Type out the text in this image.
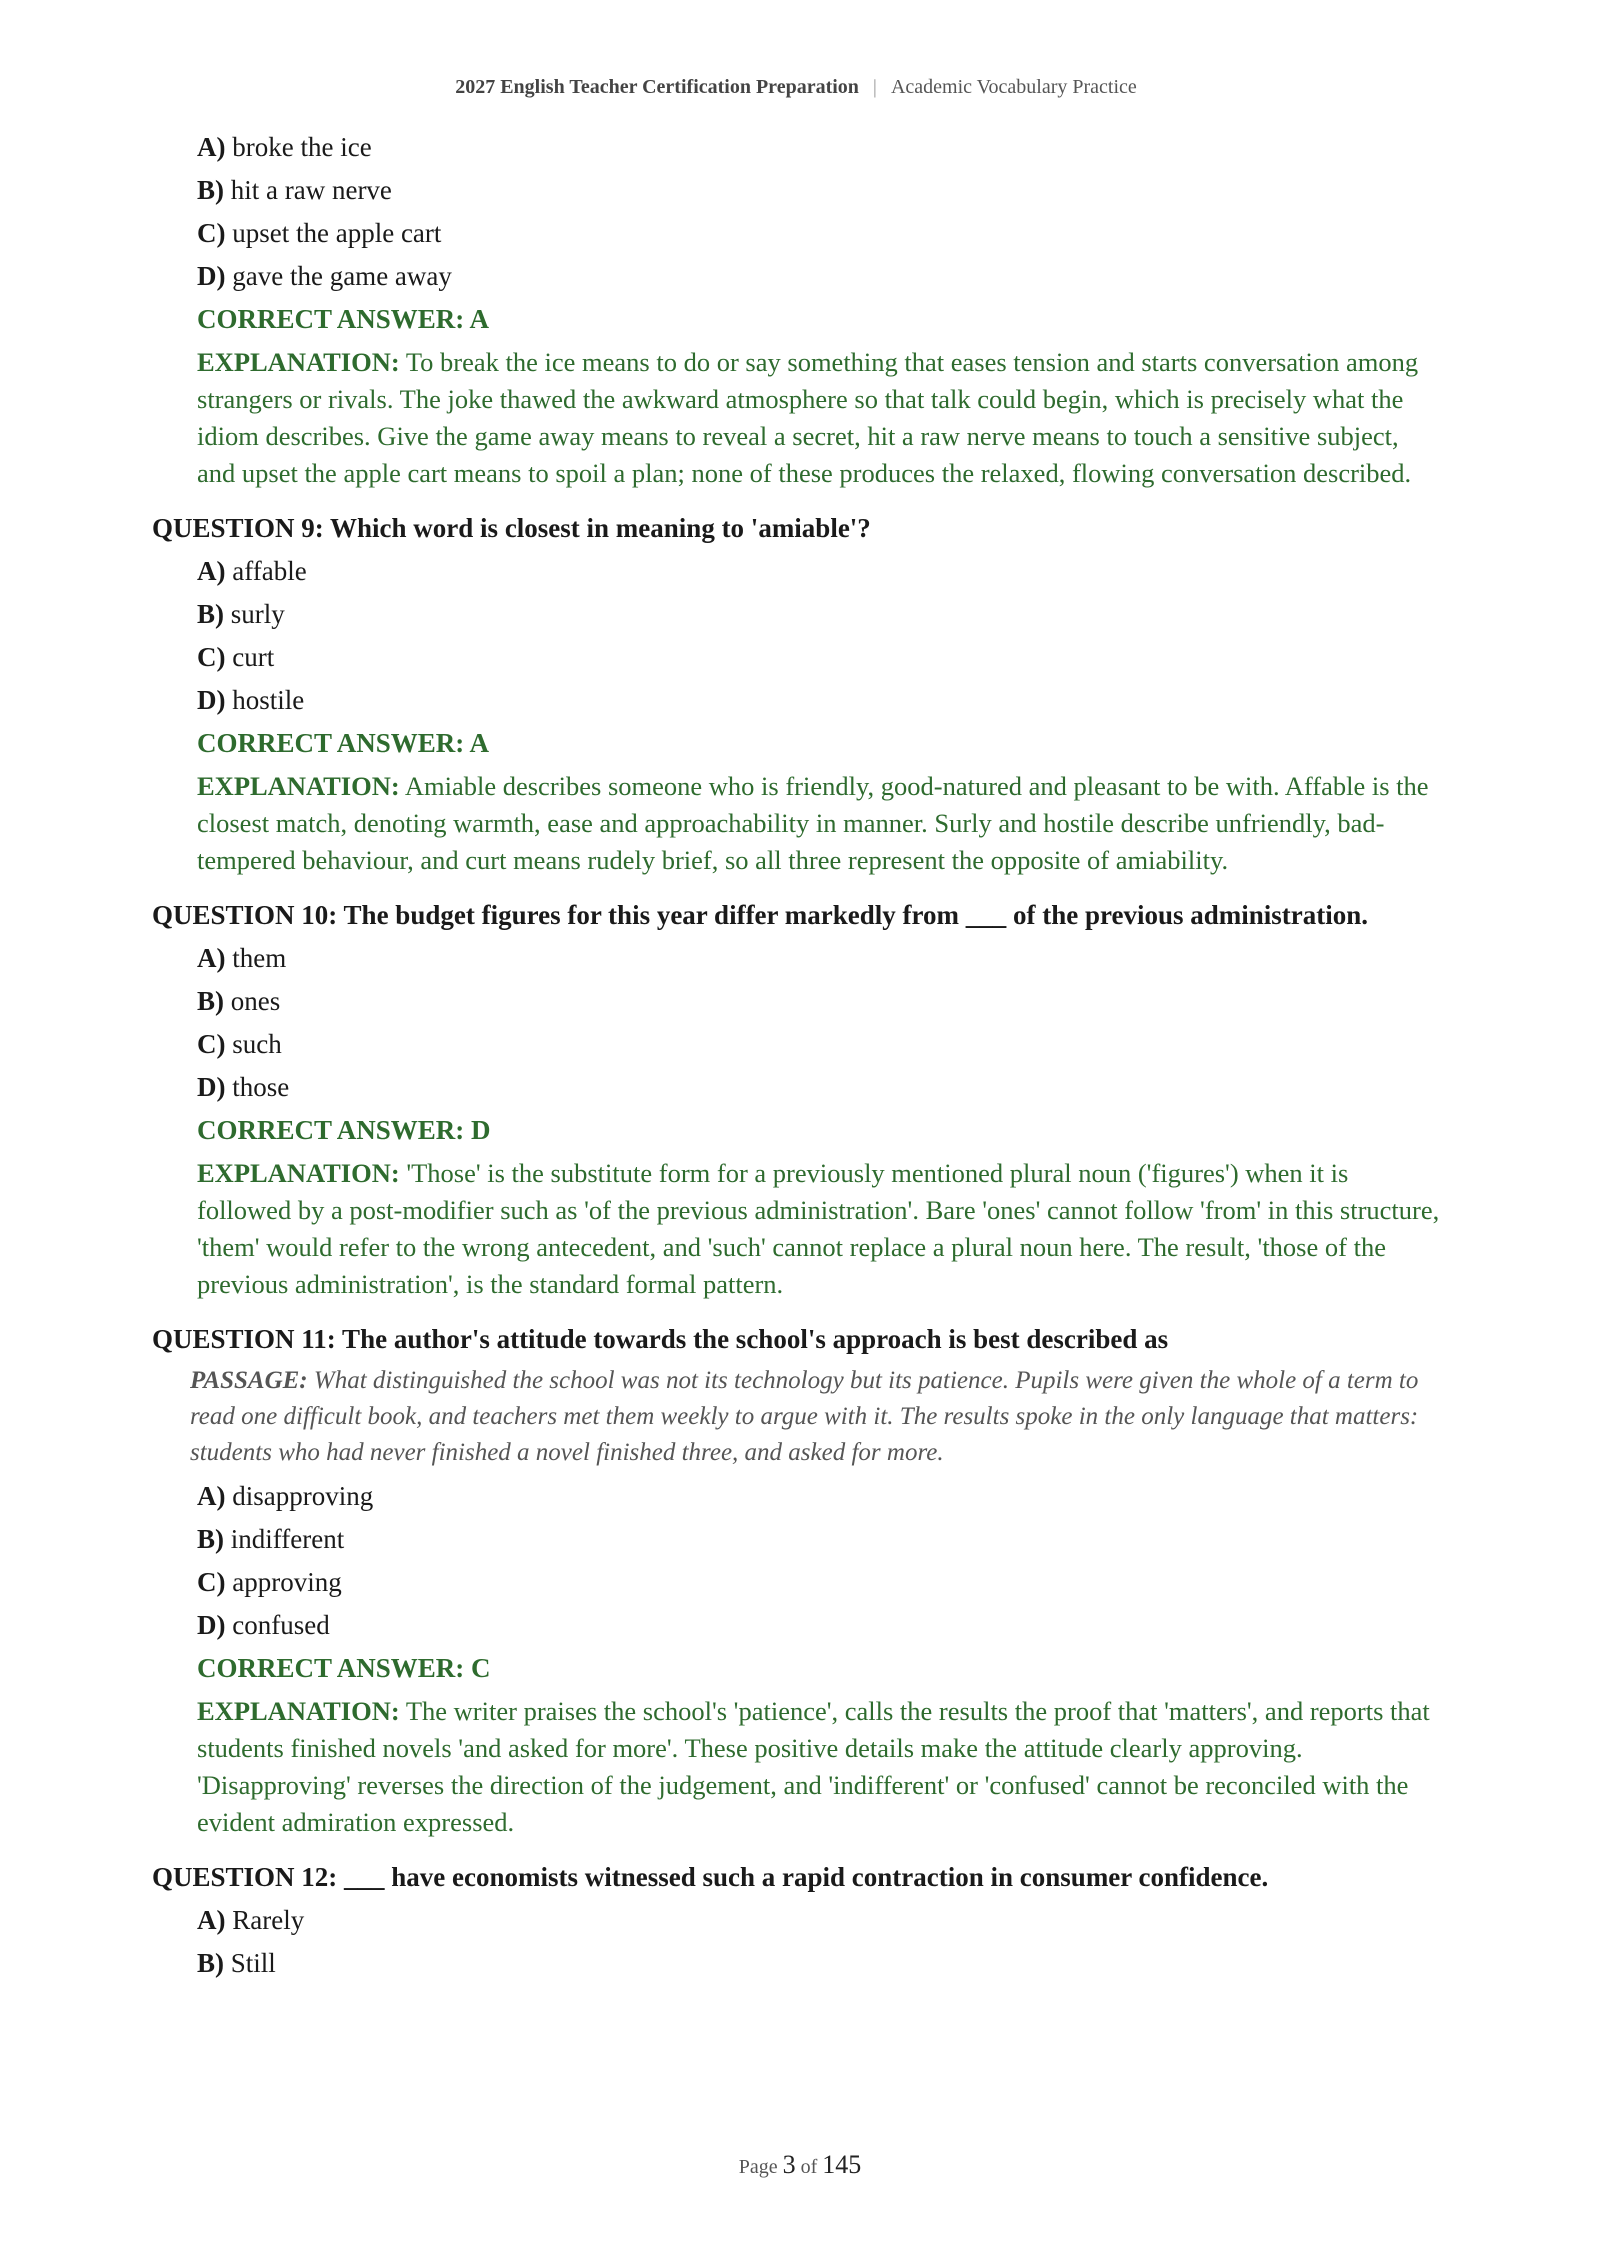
2027 English Teacher Certification Preparation | Academic Vocabulary Practice
A) broke the ice
B) hit a raw nerve
C) upset the apple cart
D) gave the game away
CORRECT ANSWER: A
EXPLANATION: To break the ice means to do or say something that eases tension and starts conversation among strangers or rivals. The joke thawed the awkward atmosphere so that talk could begin, which is precisely what the idiom describes. Give the game away means to reveal a secret, hit a raw nerve means to touch a sensitive subject, and upset the apple cart means to spoil a plan; none of these produces the relaxed, flowing conversation described.
QUESTION 9: Which word is closest in meaning to 'amiable'?
A) affable
B) surly
C) curt
D) hostile
CORRECT ANSWER: A
EXPLANATION: Amiable describes someone who is friendly, good-natured and pleasant to be with. Affable is the closest match, denoting warmth, ease and approachability in manner. Surly and hostile describe unfriendly, bad-tempered behaviour, and curt means rudely brief, so all three represent the opposite of amiability.
QUESTION 10: The budget figures for this year differ markedly from ___ of the previous administration.
A) them
B) ones
C) such
D) those
CORRECT ANSWER: D
EXPLANATION: 'Those' is the substitute form for a previously mentioned plural noun ('figures') when it is followed by a post-modifier such as 'of the previous administration'. Bare 'ones' cannot follow 'from' in this structure, 'them' would refer to the wrong antecedent, and 'such' cannot replace a plural noun here. The result, 'those of the previous administration', is the standard formal pattern.
QUESTION 11: The author's attitude towards the school's approach is best described as
PASSAGE: What distinguished the school was not its technology but its patience. Pupils were given the whole of a term to read one difficult book, and teachers met them weekly to argue with it. The results spoke in the only language that matters: students who had never finished a novel finished three, and asked for more.
A) disapproving
B) indifferent
C) approving
D) confused
CORRECT ANSWER: C
EXPLANATION: The writer praises the school's 'patience', calls the results the proof that 'matters', and reports that students finished novels 'and asked for more'. These positive details make the attitude clearly approving. 'Disapproving' reverses the direction of the judgement, and 'indifferent' or 'confused' cannot be reconciled with the evident admiration expressed.
QUESTION 12: ___ have economists witnessed such a rapid contraction in consumer confidence.
A) Rarely
B) Still
Page 3 of 145
